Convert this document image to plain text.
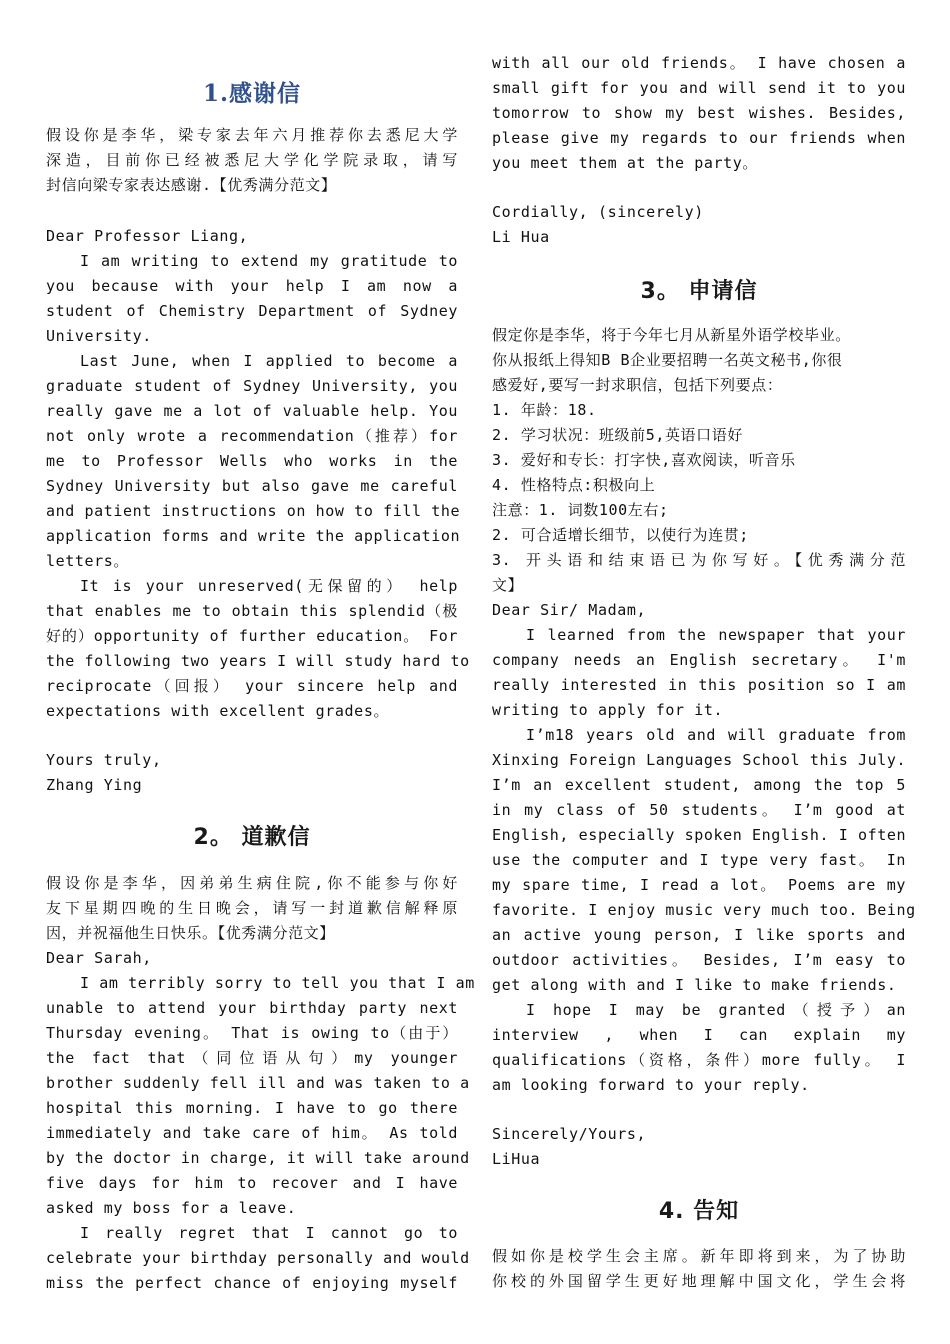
1.感谢信
假设你是李华，梁专家去年六月推荐你去悉尼大学
深造，目前你已经被悉尼大学化学院录取，请写
封信向梁专家表达感谢.【优秀满分范文】
Dear Professor Liang,
I am writing to extend my gratitude to
you because with your help I am now a
student of Chemistry Department of Sydney
University.
Last June, when I applied to become a
graduate student of Sydney University, you
really gave me a lot of valuable help. You
not only wrote a recommendation（推荐）for
me to Professor Wells who works in the
Sydney University but also gave me careful
and patient instructions on how to fill the
application forms and write the application
letters。
It is your unreserved(无保留的） help
that enables me to obtain this splendid（极
好的）opportunity of further education。 For
the following two years I will study hard to
reciprocate（回报） your sincere help and
expectations with excellent grades。
Yours truly,
Zhang Ying
2。 道歉信
假设你是李华，因弟弟生病住院,你不能参与你好
友下星期四晚的生日晚会，请写一封道歉信解释原
因，并祝福他生日快乐。【优秀满分范文】
Dear Sarah,
I am terribly sorry to tell you that I am
unable to attend your birthday party next
Thursday evening。 That is owing to（由于）
the fact that（同位语从句）my younger
brother suddenly fell ill and was taken to a
hospital this morning. I have to go there
immediately and take care of him。 As told
by the doctor in charge, it will take around
five days for him to recover and I have
asked my boss for a leave.
I really regret that I cannot go to
celebrate your birthday personally and would
miss the perfect chance of enjoying myself
with all our old friends。 I have chosen a
small gift for you and will send it to you
tomorrow to show my best wishes. Besides,
please give my regards to our friends when
you meet them at the party。
Cordially, (sincerely)
Li Hua
3。 申请信
假定你是李华，将于今年七月从新星外语学校毕业。
你从报纸上得知B B企业要招聘一名英文秘书,你很
感爱好,要写一封求职信，包括下列要点：
1. 年龄：18.
2. 学习状况：班级前5,英语口语好
3. 爱好和专长：打字快,喜欢阅读，听音乐
4. 性格特点:积极向上
注意：1. 词数100左右;
2. 可合适增长细节，以使行为连贯;
3. 开头语和结束语已为你写好。【优秀满分范
文】
Dear Sir/ Madam,
I learned from the newspaper that your
company needs an English secretary。 I'm
really interested in this position so I am
writing to apply for it.
I’m18 years old and will graduate from
Xinxing Foreign Languages School this July.
I’m an excellent student, among the top 5
in my class of 50 students。 I’m good at
English, especially spoken English. I often
use the computer and I type very fast。 In
my spare time, I read a lot。 Poems are my
favorite. I enjoy music very much too. Being
an active young person, I like sports and
outdoor activities。 Besides, I’m easy to
get along with and I like to make friends.
I hope I may be granted（授予）an
interview , when I can explain my
qualifications（资格，条件）more fully。 I
am looking forward to your reply.
Sincerely/Yours,
LiHua
4. 告知
假如你是校学生会主席。新年即将到来，为了协助
你校的外国留学生更好地理解中国文化，学生会将
